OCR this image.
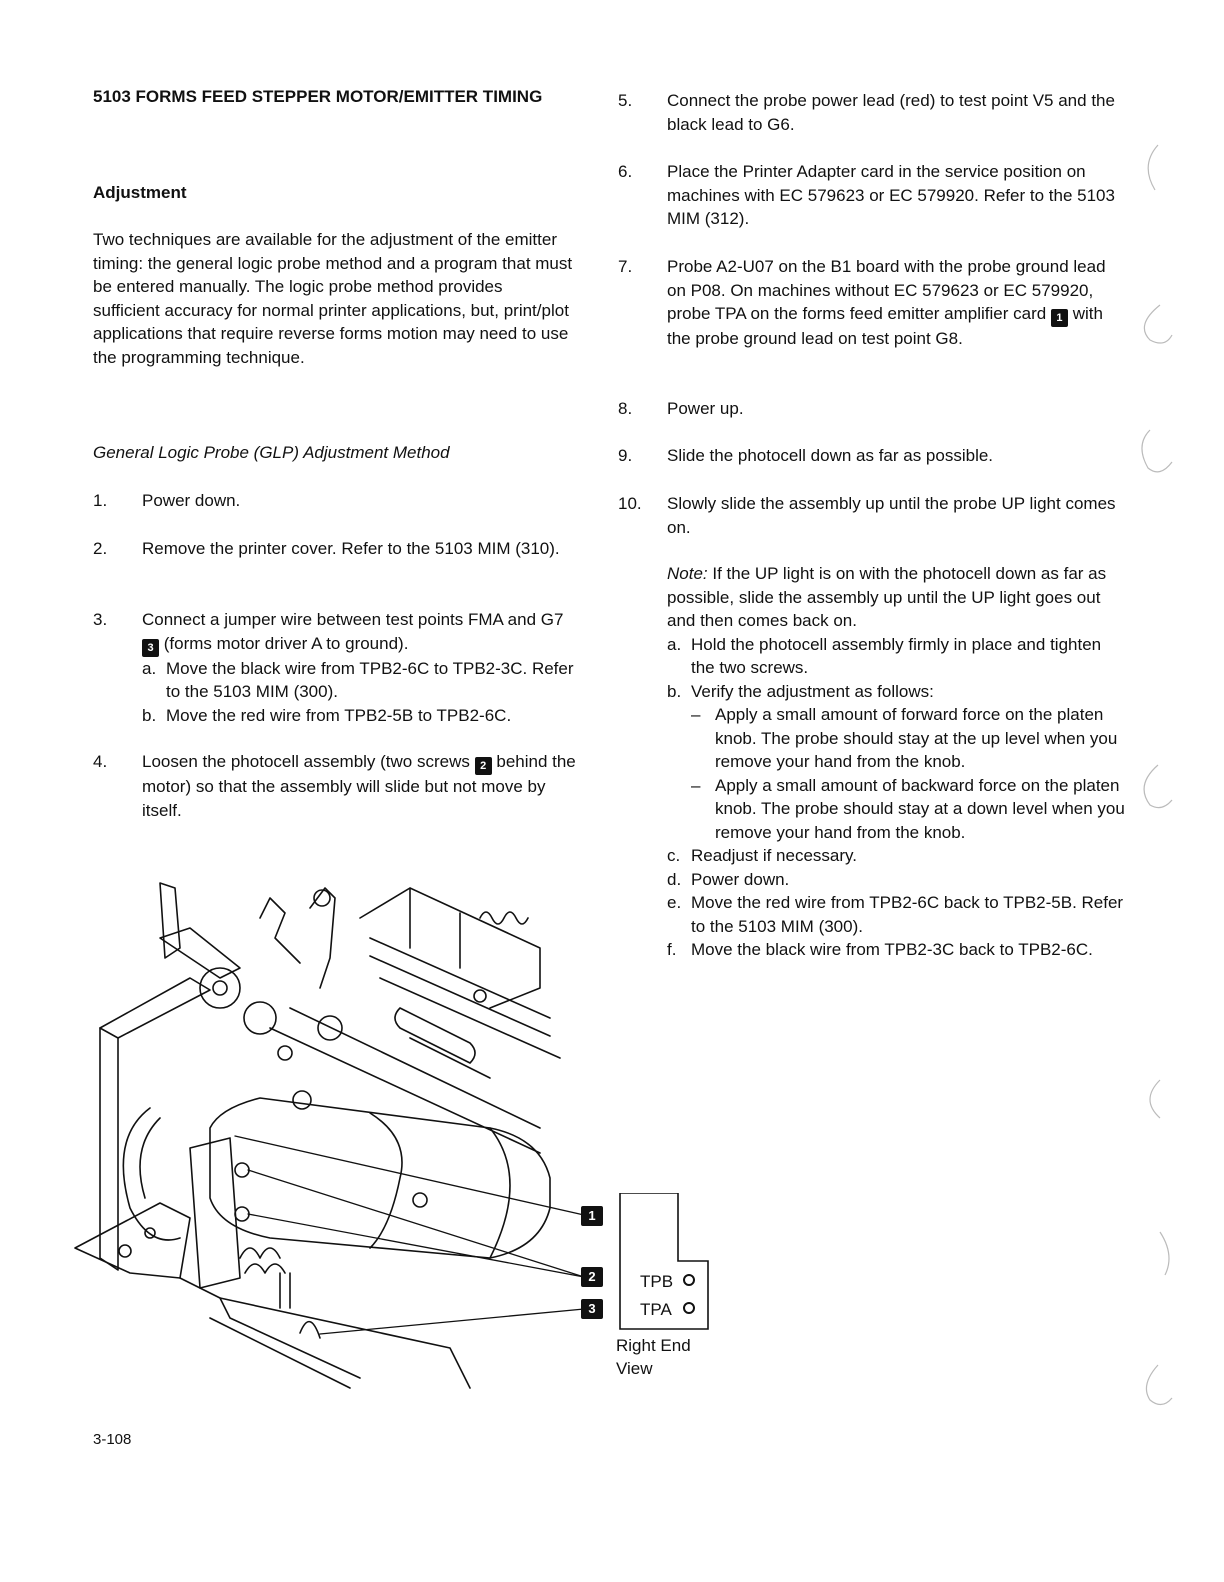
5103 FORMS FEED STEPPER MOTOR/EMITTER TIMING
Adjustment
Two techniques are available for the adjustment of the emitter timing: the general logic probe method and a program that must be entered manually. The logic probe method provides sufficient accuracy for normal printer applications, but, print/plot applications that require reverse forms motion may need to use the programming technique.
General Logic Probe (GLP) Adjustment Method
1. Power down.
2. Remove the printer cover. Refer to the 5103 MIM (310).
3. Connect a jumper wire between test points FMA and G7 3 (forms motor driver A to ground).
a. Move the black wire from TPB2-6C to TPB2-3C. Refer to the 5103 MIM (300).
b. Move the red wire from TPB2-5B to TPB2-6C.
4. Loosen the photocell assembly (two screws 2 behind the motor) so that the assembly will slide but not move by itself.
5. Connect the probe power lead (red) to test point V5 and the black lead to G6.
6. Place the Printer Adapter card in the service position on machines with EC 579623 or EC 579920. Refer to the 5103 MIM (312).
7. Probe A2-U07 on the B1 board with the probe ground lead on P08. On machines without EC 579623 or EC 579920, probe TPA on the forms feed emitter amplifier card 1 with the probe ground lead on test point G8.
8. Power up.
9. Slide the photocell down as far as possible.
10. Slowly slide the assembly up until the probe UP light comes on.
Note: If the UP light is on with the photocell down as far as possible, slide the assembly up until the UP light goes out and then comes back on.
a. Hold the photocell assembly firmly in place and tighten the two screws.
b. Verify the adjustment as follows:
– Apply a small amount of forward force on the platen knob. The probe should stay at the up level when you remove your hand from the knob.
– Apply a small amount of backward force on the platen knob. The probe should stay at a down level when you remove your hand from the knob.
c. Readjust if necessary.
d. Power down.
e. Move the red wire from TPB2-6C back to TPB2-5B. Refer to the 5103 MIM (300).
f. Move the black wire from TPB2-3C back to TPB2-6C.
1
2
3
TPB
TPA
Right End View
3-108
